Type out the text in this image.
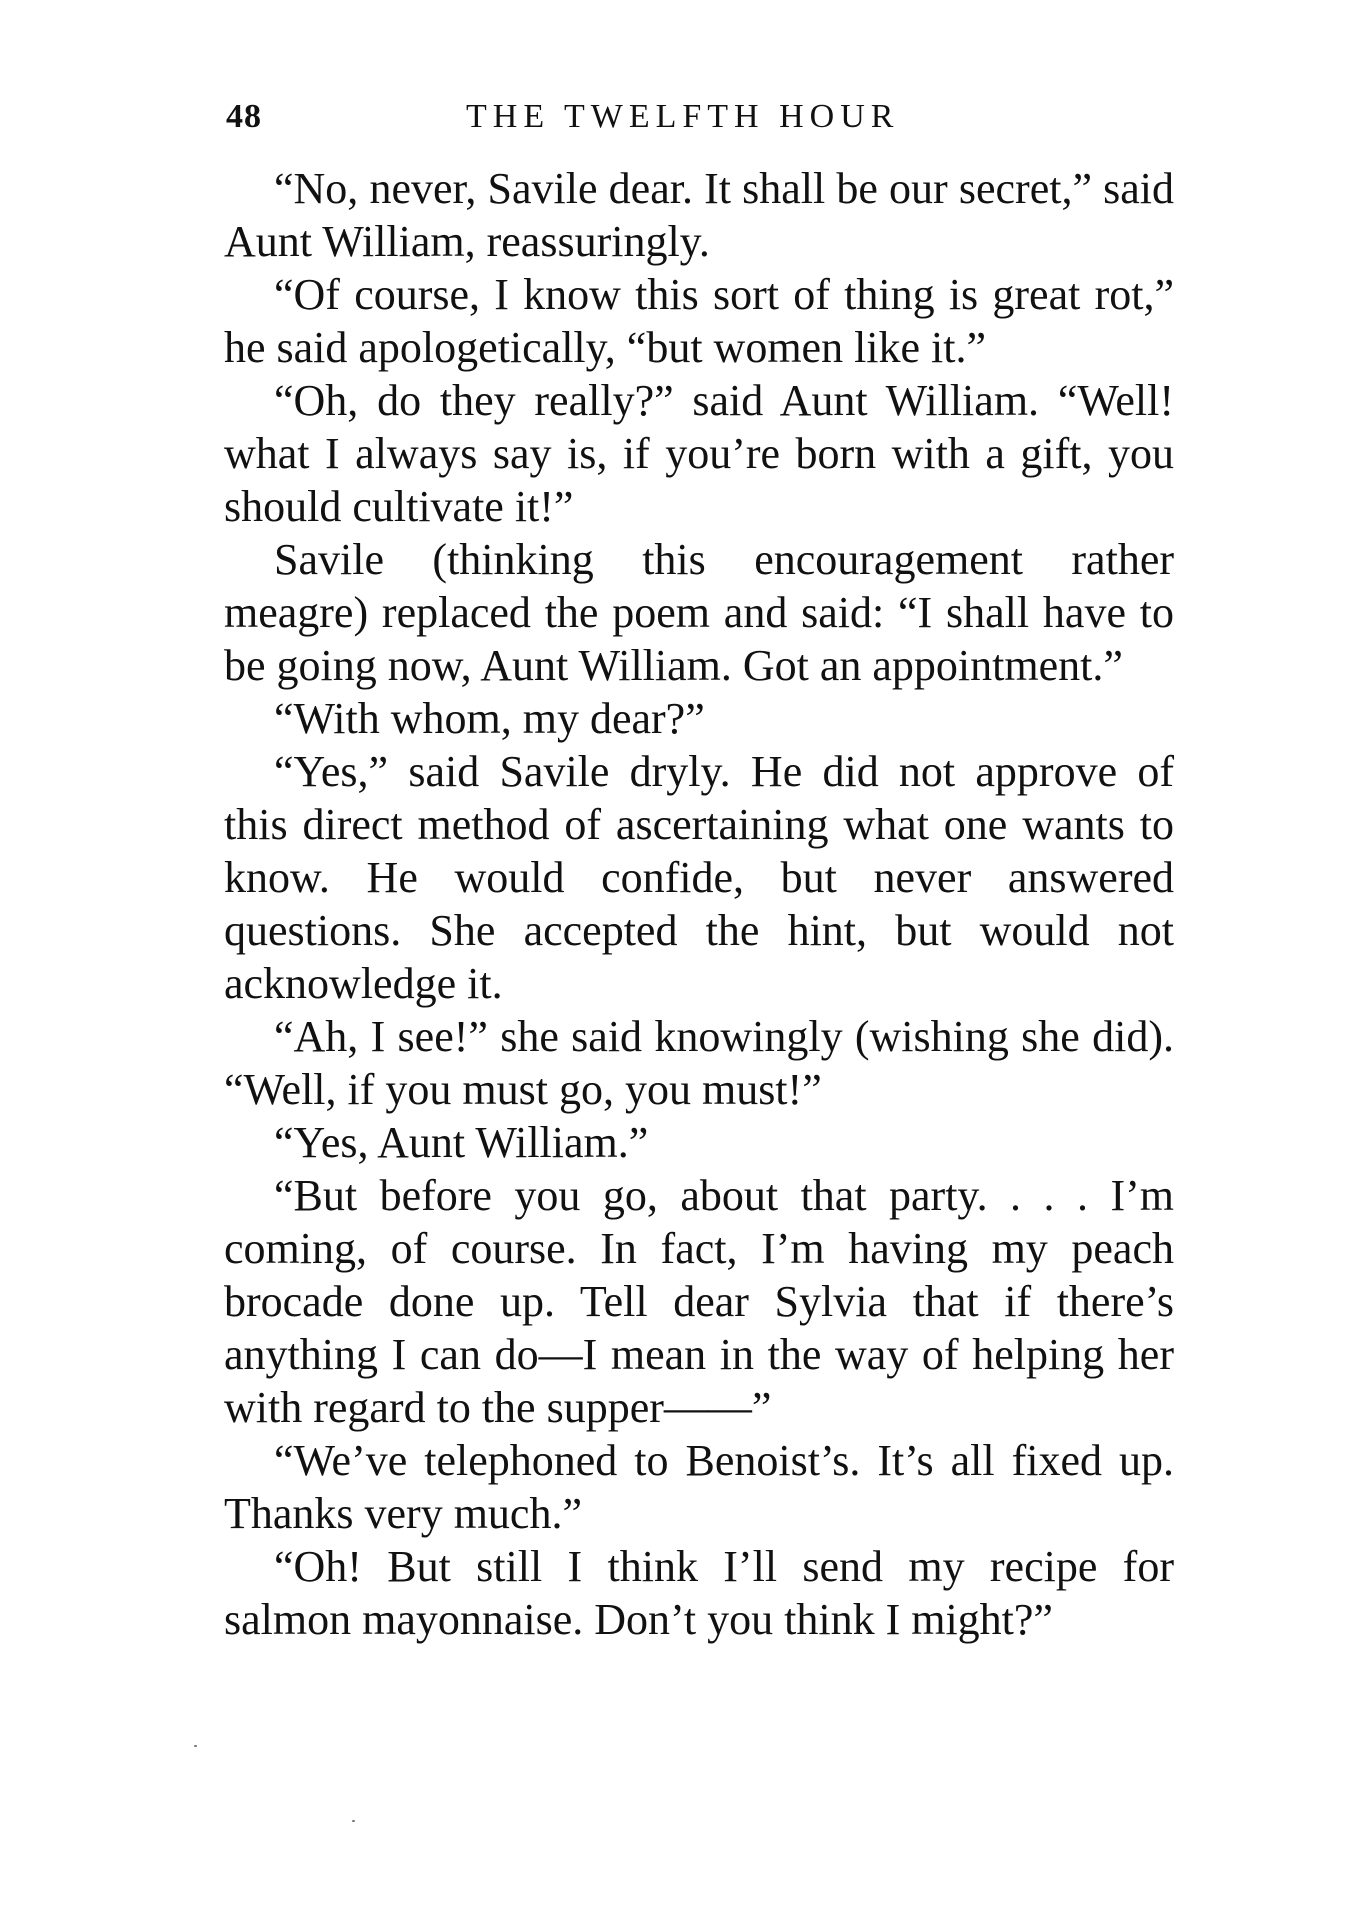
48	THE TWELFTH HOUR

“No, never, Savile dear. It shall be our secret,” said Aunt William, reassuringly.

“Of course, I know this sort of thing is great rot,” he said apologetically, “but women like it.”

“Oh, do they really?” said Aunt William. “Well! what I always say is, if you’re born with a gift, you should cultivate it!”

Savile (thinking this encouragement rather meagre) replaced the poem and said: “I shall have to be going now, Aunt William. Got an appointment.”

“With whom, my dear?”

“Yes,” said Savile dryly. He did not approve of this direct method of ascertaining what one wants to know. He would confide, but never answered questions. She accepted the hint, but would not acknowledge it.

“Ah, I see!” she said knowingly (wishing she did). “Well, if you must go, you must!”

“Yes, Aunt William.”

“But before you go, about that party. . . . I’m coming, of course. In fact, I’m having my peach brocade done up. Tell dear Sylvia that if there’s anything I can do—I mean in the way of helping her with regard to the supper——”

“We’ve telephoned to Benoist’s. It’s all fixed up. Thanks very much.”

“Oh! But still I think I’ll send my recipe for salmon mayonnaise. Don’t you think I might?”
